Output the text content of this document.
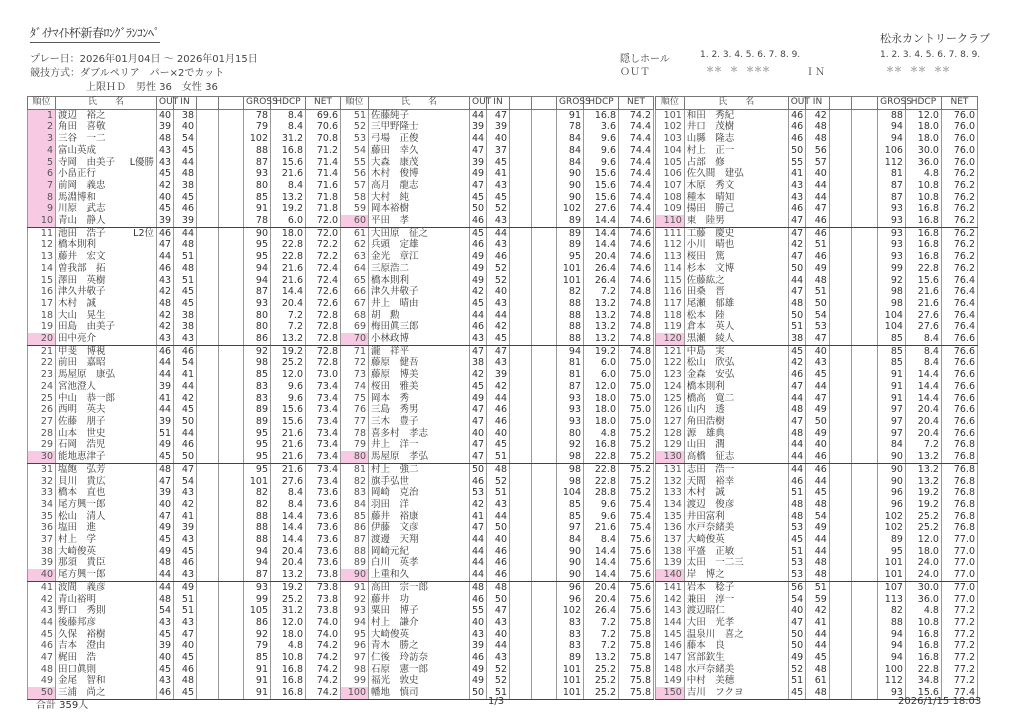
ﾀﾞｲﾅﾏｲﾄ杯新春ﾛﾝｸﾞﾗﾝｺﾝﾍﾟ	松永カントリークラブ
プレー日：2026年01月04日 ～ 2026年01月15日
競技方式：ダブルペリア　パー×2でカット
上限ＨＤ　男性 36　女性 36
隠しホール
ＯＵＴ
1. 2. 3. 4. 5. 6. 7. 8. 9.
＊＊　＊　＊＊＊	ＩＮ
1. 2. 3. 4. 5. 6. 7. 8. 9.
＊＊　＊＊　＊＊
順位	氏　　名	OUT	IN			GROSS	HDCP	NET
1	渡辺　裕之	40	38			78	8.4	69.6
2	角田　喜敬	39	40			79	8.4	70.6
3	三谷　一二	48	54			102	31.2	70.8
4	富山英成	43	45			88	16.8	71.2
5	寺岡　由美子 L優勝	43	44			87	15.6	71.4
6	小畠正行	45	48			93	21.6	71.4
7	前岡　義忠	42	38			80	8.4	71.6
8	馬淵博和	40	45			85	13.2	71.8
9	川原　武志	45	46			91	19.2	71.8
10	青山　静人	39	39			78	6.0	72.0
11	池田　浩子 L2位	46	44			90	18.0	72.0
12	橋本則利	47	48			95	22.8	72.2
13	藤井　宏文	44	51			95	22.8	72.2
14	曽我部　拓	46	48			94	21.6	72.4
15	澤田　英樹	43	51			94	21.6	72.4
16	津久井敬子	42	45			87	14.4	72.6
17	木村　誠	48	45			93	20.4	72.6
18	大山　晃生	42	38			80	7.2	72.8
19	田島　由美子	42	38			80	7.2	72.8
20	田中亮介	43	43			86	13.2	72.8
21	甲斐　博視	46	46			92	19.2	72.8
22	前田　嘉昭	44	54			98	25.2	72.8
23	馬屋原　康弘	44	41			85	12.0	73.0
24	宮池澄人	39	44			83	9.6	73.4
25	中山　恭一郎	41	42			83	9.6	73.4
26	西明　英夫	44	45			89	15.6	73.4
27	佐藤　朋子	39	50			89	15.6	73.4
28	山本　世史	51	44			95	21.6	73.4
29	石岡　浩児	49	46			95	21.6	73.4
30	能地恵津子	45	50			95	21.6	73.4
31	塩飽　弘芳	48	47			95	21.6	73.4
32	貝川　貴広	47	54			101	27.6	73.4
33	橋本　直也	39	43			82	8.4	73.6
34	尾方興一郎	40	42			82	8.4	73.6
35	松山　清人	47	41			88	14.4	73.6
36	塩田　進	49	39			88	14.4	73.6
37	村上　学	45	43			88	14.4	73.6
38	大崎俊英	49	45			94	20.4	73.6
39	那須　貴臣	48	46			94	20.4	73.6
40	尾方興一郎	44	43			87	13.2	73.8
41	波間　義彦	44	49			93	19.2	73.8
42	青山裕明	48	51			99	25.2	73.8
43	野口　秀則	54	51			105	31.2	73.8
44	後藤邦彦	43	43			86	12.0	74.0
45	久保　裕樹	45	47			92	18.0	74.0
46	吉本　澄由	39	40			79	4.8	74.2
47	梶田　浩	40	45			85	10.8	74.2
48	田口眞則	45	46			91	16.8	74.2
49	金尾　智和	43	48			91	16.8	74.2
50	三浦　尚之	46	45			91	16.8	74.2
順位	氏　　名	OUT	IN			GROSS	HDCP	NET
51	佐藤純子	44	47			91	16.8	74.2
52	三甲野隆士	39	39			78	3.6	74.4
53	弓場　正俊	44	40			84	9.6	74.4
54	藤田　幸久	47	37			84	9.6	74.4
55	大森　康茂	39	45			84	9.6	74.4
56	木村　俊博	49	41			90	15.6	74.4
57	高月　龍志	47	43			90	15.6	74.4
58	大村　純	45	45			90	15.6	74.4
59	岡本裕樹	50	52			102	27.6	74.4
60	平田　孝	46	43			89	14.4	74.6
61	大田原　征之	45	44			89	14.4	74.6
62	兵頭　定雄	46	43			89	14.4	74.6
63	金光　章江	49	46			95	20.4	74.6
64	三原浩二	49	52			101	26.4	74.6
65	橋本則利	49	52			101	26.4	74.6
66	津久井敬子	42	40			82	7.2	74.8
67	井上　晴由	45	43			88	13.2	74.8
68	胡　勲	44	44			88	13.2	74.8
69	梅田眞三郎	46	42			88	13.2	74.8
70	小林政博	43	45			88	13.2	74.8
71	瀧　祥平	47	47			94	19.2	74.8
72	藤原　健吾	38	43			81	6.0	75.0
73	藤原　博美	42	39			81	6.0	75.0
74	桜田　雅美	45	42			87	12.0	75.0
75	岡本　秀	49	44			93	18.0	75.0
76	三島　秀男	47	46			93	18.0	75.0
77	三木　豊子	47	46			93	18.0	75.0
78	喜多村　孝志	40	40			80	4.8	75.2
79	井上　洋一	47	45			92	16.8	75.2
80	馬屋原　孝弘	47	51			98	22.8	75.2
81	村上　強二	50	48			98	22.8	75.2
82	旗手弘世	46	52			98	22.8	75.2
83	岡崎　克治	53	51			104	28.8	75.2
84	羽田　洋	42	43			85	9.6	75.4
85	藤井　裕康	41	44			85	9.6	75.4
86	伊藤　文彦	47	50			97	21.6	75.4
87	渡邊　天翔	44	40			84	8.4	75.6
88	岡崎元紀	44	46			90	14.4	75.6
89	白川　英孝	44	46			90	14.4	75.6
90	上重和久	44	46			90	14.4	75.6
91	高田　宗一郎	48	48			96	20.4	75.6
92	藤井　功	46	50			96	20.4	75.6
93	粟田　博子	55	47			102	26.4	75.6
94	村上　謙介	40	43			83	7.2	75.8
95	大崎俊英	43	40			83	7.2	75.8
96	青木　勝之	39	44			83	7.2	75.8
97	仁後　玲訪奈	46	43			89	13.2	75.8
98	石原　憲一郎	49	52			101	25.2	75.8
99	福光　敦史	49	52			101	25.2	75.8
100	幡地　慎司	50	51			101	25.2	75.8
順位	氏　　名	OUT	IN			GROSS	HDCP	NET
101	和田　秀紀	46	42			88	12.0	76.0
102	井口　茂樹	46	48			94	18.0	76.0
103	山縣　隆志	46	48			94	18.0	76.0
104	村上　正一	50	56			106	30.0	76.0
105	占部　修	55	57			112	36.0	76.0
106	佐久間　建弘	41	40			81	4.8	76.2
107	木原　秀文	43	44			87	10.8	76.2
108	種本　晴知	43	44			87	10.8	76.2
109	揚田　勝己	46	47			93	16.8	76.2
110	東　陸男	47	46			93	16.8	76.2
111	工藤　慶史	47	46			93	16.8	76.2
112	小川　晴也	42	51			93	16.8	76.2
113	桜田　篤	47	46			93	16.8	76.2
114	杉本　文博	50	49			99	22.8	76.2
115	佐藤紘之	44	48			92	15.6	76.4
116	田桑　晋	47	51			98	21.6	76.4
117	尾瀬　郁雄	48	50			98	21.6	76.4
118	松本　陸	50	54			104	27.6	76.4
119	倉本　英人	51	53			104	27.6	76.4
120	黒瀬　綾人	38	47			85	8.4	76.6
121	中島　実	45	40			85	8.4	76.6
122	松山　欣弘	42	43			85	8.4	76.6
123	金森　安弘	46	45			91	14.4	76.6
124	橋本則利	47	44			91	14.4	76.6
125	橋高　寛二	44	47			91	14.4	76.6
126	山内　透	48	49			97	20.4	76.6
127	角田浩樹	47	50			97	20.4	76.6
128	源　雄典	48	49			97	20.4	76.6
129	山田　潤	44	40			84	7.2	76.8
130	高橋　征志	44	46			90	13.2	76.8
131	志田　浩一	44	46			90	13.2	76.8
132	天間　裕幸	46	44			90	13.2	76.8
133	木村　誠	51	45			96	19.2	76.8
134	渡辺　俊彦	48	48			96	19.2	76.8
135	井田富利	48	54			102	25.2	76.8
136	水戸奈緒美	53	49			102	25.2	76.8
137	大崎俊英	45	44			89	12.0	77.0
138	平盛　正敏	51	44			95	18.0	77.0
139	太田　一二三	53	48			101	24.0	77.0
140	岸　博之	53	48			101	24.0	77.0
141	岩本　稔子	56	51			107	30.0	77.0
142	兼田　淳一	54	59			113	36.0	77.0
143	渡辺昭仁	40	42			82	4.8	77.2
144	大田　光孝	47	41			88	10.8	77.2
145	温泉川　喜之	50	44			94	16.8	77.2
146	藤本　良	50	44			94	16.8	77.2
147	宮部欽生	49	45			94	16.8	77.2
148	水戸奈緒美	52	48			100	22.8	77.2
149	中村　美穂	51	61			112	34.8	77.2
150	吉川　フクヨ	45	48			93	15.6	77.4
合計 359人	1/3	2026/1/15 18:03
